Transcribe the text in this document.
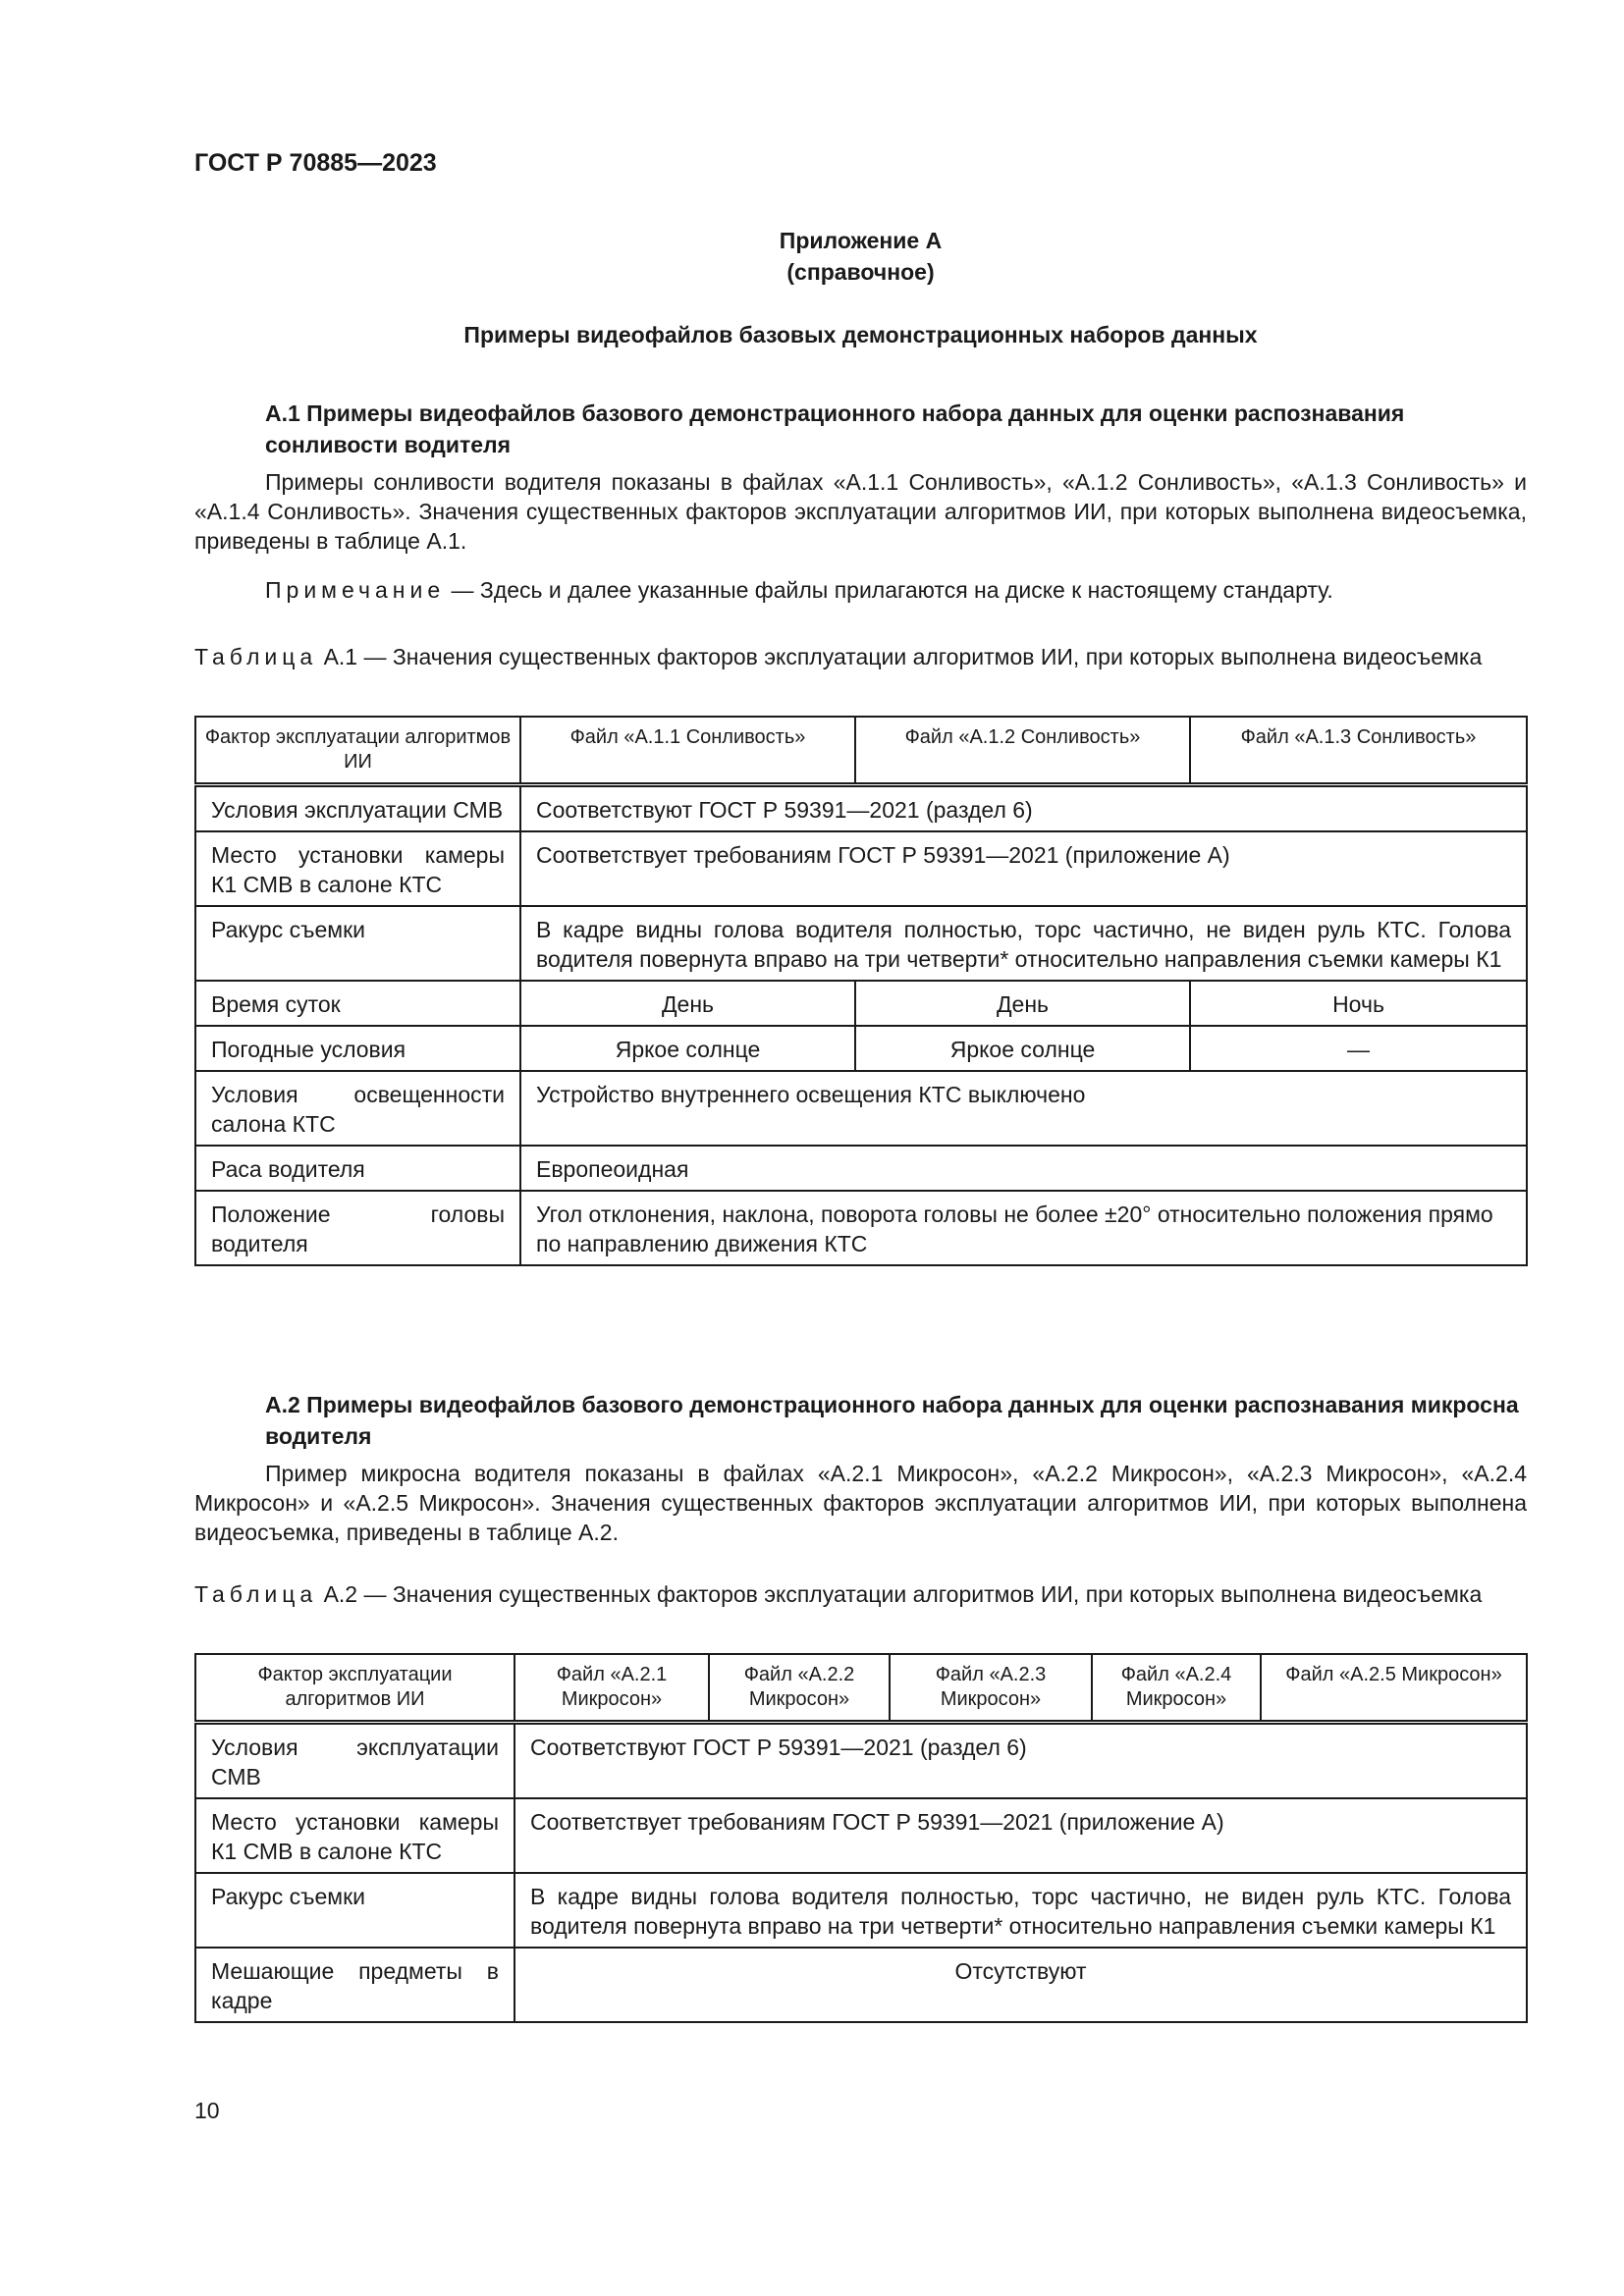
ГОСТ Р 70885—2023
Приложение А
(справочное)
Примеры видеофайлов базовых демонстрационных наборов данных
А.1 Примеры видеофайлов базового демонстрационного набора данных для оценки распознавания сонливости водителя
Примеры сонливости водителя показаны в файлах «А.1.1 Сонливость», «А.1.2 Сонливость», «А.1.3 Сонливость» и «А.1.4 Сонливость». Значения существенных факторов эксплуатации алгоритмов ИИ, при которых выполнена видеосъемка, приведены в таблице А.1.
Примечание — Здесь и далее указанные файлы прилагаются на диске к настоящему стандарту.
Таблица А.1 — Значения существенных факторов эксплуатации алгоритмов ИИ, при которых выполнена видеосъемка
Фактор эксплуатации алгоритмов ИИ	Файл «А.1.1 Сонливость»	Файл «А.1.2 Сонливость»	Файл «А.1.3 Сонливость»
Условия эксплуатации СМВ	Соответствуют ГОСТ Р 59391—2021 (раздел 6)		
Место установки камеры К1 СМВ в салоне КТС	Соответствует требованиям ГОСТ Р 59391—2021 (приложение А)		
Ракурс съемки	В кадре видны голова водителя полностью, торс частично, не виден руль КТС. Голова водителя повернута вправо на три четверти* относительно направления съемки камеры К1		
Время суток	День	День	Ночь
Погодные условия	Яркое солнце	Яркое солнце	—
Условия освещенности салона КТС	Устройство внутреннего освещения КТС выключено		
Раса водителя	Европеоидная		
Положение головы водителя	Угол отклонения, наклона, поворота головы не более ±20° относительно положения прямо по направлению движения КТС		
А.2 Примеры видеофайлов базового демонстрационного набора данных для оценки распознавания микросна водителя
Пример микросна водителя показаны в файлах «А.2.1 Микросон», «А.2.2 Микросон», «А.2.3 Микросон», «А.2.4 Микросон» и «А.2.5 Микросон». Значения существенных факторов эксплуатации алгоритмов ИИ, при которых выполнена видеосъемка, приведены в таблице А.2.
Таблица А.2 — Значения существенных факторов эксплуатации алгоритмов ИИ, при которых выполнена видеосъемка
Фактор эксплуатации алгоритмов ИИ	Файл «А.2.1 Микросон»	Файл «А.2.2 Микросон»	Файл «А.2.3 Микросон»	Файл «А.2.4 Микросон»	Файл «А.2.5 Микросон»
Условия эксплуатации СМВ	Соответствуют ГОСТ Р 59391—2021 (раздел 6)				
Место установки камеры К1 СМВ в салоне КТС	Соответствует требованиям ГОСТ Р 59391—2021 (приложение А)				
Ракурс съемки	В кадре видны голова водителя полностью, торс частично, не виден руль КТС. Голова водителя повернута вправо на три четверти* относительно направления съемки камеры К1				
Мешающие предметы в кадре	Отсутствуют				
10
